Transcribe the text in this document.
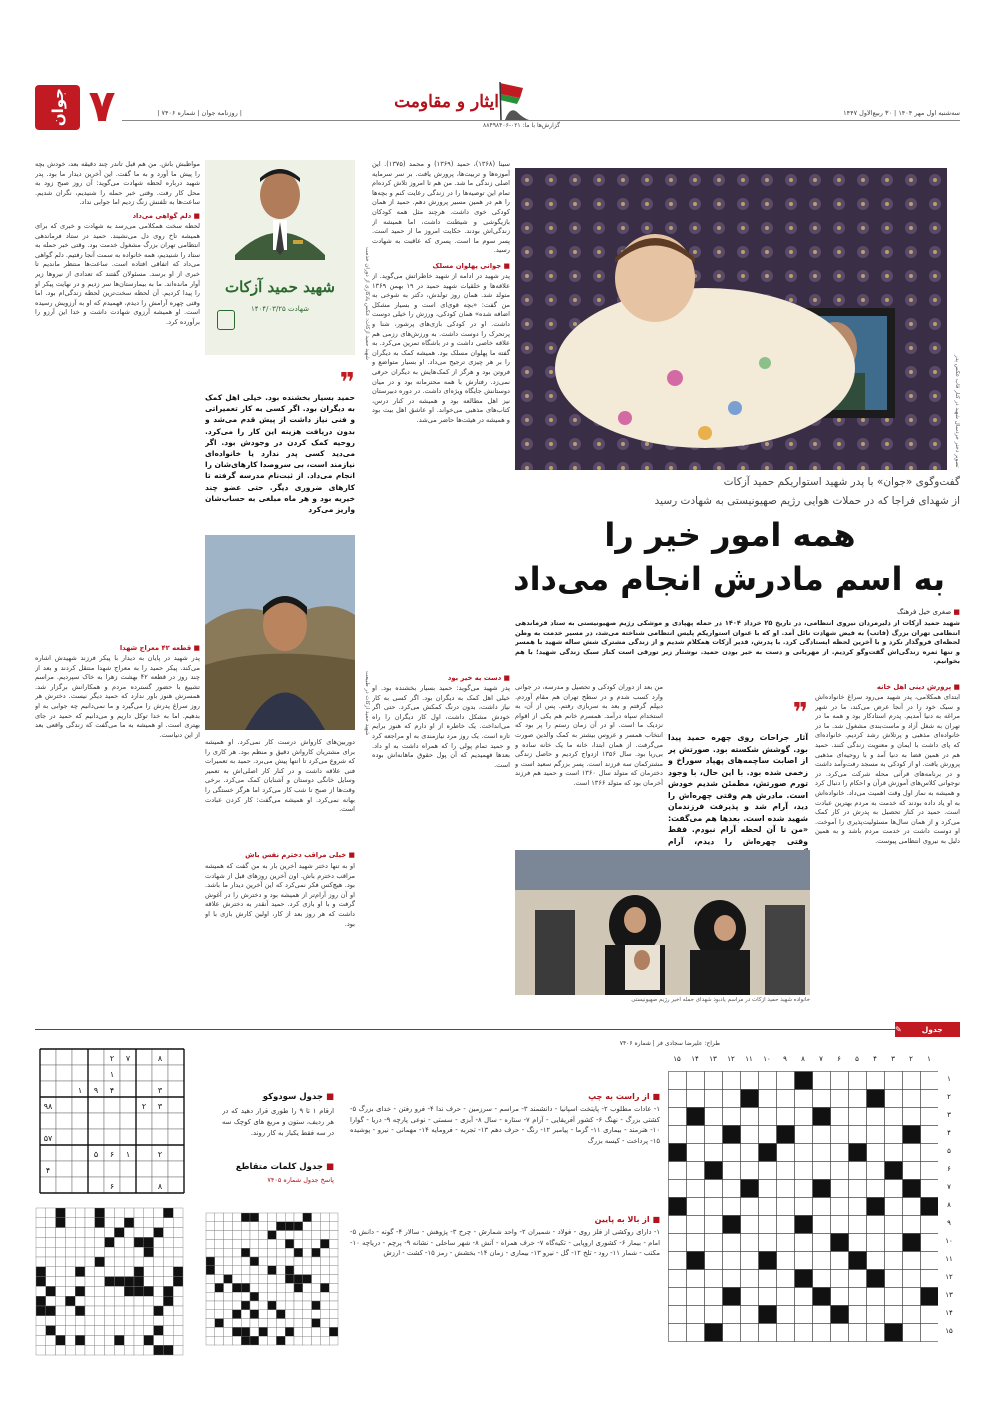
جوان ۷	| روزنامه جوان | شماره ۷۴۰۶ |
ایثار و مقاومت
گزارش‌ها با ما: ۰۲۱-۸۸۴۹۸۴۰۶
سه‌شنبه اول مهر ۱۴۰۴ | ۳۰ ربیع‌الاول ۱۴۴۷
تصویر دختر خردسال شهید در کنار قاب عکس پدر
گفت‌وگوی «جوان» با پدر شهید استواریکم حمید آزکات
از شهدای فراجا که در حملات هوایی رژیم صهیونیستی به شهادت رسید
همه امور خیر را
به اسم مادرش انجام می‌داد
■ صغری خیل فرهنگ
شهید حمید آزکات از دلیرمردان نیروی انتظامی، در تاریخ ۲۵ خرداد ۱۴۰۴ در حمله پهپادی و موشکی رژیم صهیونیستی به ستاد فرماندهی انتظامی تهران بزرگ (فاتب) به فیض شهادت نائل آمد. او که با عنوان استواریکم پلیس انتظامی شناخته می‌شد، در مسیر خدمت به وطن لحظه‌ای فروگذار نکرد و با آخرین لحظه ایستادگی کرد. با پدرش، قدیر آزکات همکلام شدیم و از زندگی مشترک شش ساله شهید با همسر و تنها ثمره زندگی‌اش گفت‌وگو کردیم. از مهربانی و دست به خیر بودن حمید. نوشتار زیر تورقی است کنار سبک زندگی شهید؛ با هم بخوانیم.
■ پرورش دینی اهل خانه
ابتدای همکلامی، پدر شهید می‌رود سراغ خانواده‌اش و سبک خود را در آنجا عرض می‌کند، ما در شهر مراغه به دنیا آمدیم. پدرم استادکار بود و همه ما در تهران به شغل آزاد و ماست‌بندی مشغول شد. ما در خانواده‌ای مذهبی و پرتلاش رشد کردیم. خانواده‌ای که پای داشت با ایمان و معنویت زندگی کنند. حمید هم در همین فضا به دنیا آمد و با روحیه‌ای مذهبی پرورش یافت. او از کودکی به مسجد رفت‌وآمد داشت و در برنامه‌های قرآنی محله شرکت می‌کرد. در نوجوانی کلاس‌های آموزش قرآن و احکام را دنبال کرد و همیشه به نماز اول وقت اهمیت می‌داد. خانواده‌اش به او یاد داده بودند که خدمت به مردم بهترین عبادت است. حمید در کنار تحصیل به پدرش در کار کمک می‌کرد و از همان سال‌ها مسئولیت‌پذیری را آموخت. او دوست داشت در خدمت مردم باشد و به همین دلیل به نیروی انتظامی پیوست.
❞
آثار جراحات روی چهره حمید پیدا بود. گوشش شکسته بود. صورتش پر از اصابت ساچمه‌های پهپاد سوراخ و زخمی شده بود. با این حال، با وجود تورم صورتش، مطمئن شدیم خودش است. مادرش هم وقتی چهره‌اش را دید، آرام شد و پذیرفت فرزندمان شهید شده است. بعدها هم می‌گفت: «من تا آن لحظه آرام نبودم. فقط وقتی چهره‌اش را دیدم، آرام
من بعد از دوران کودکی و تحصیل و مدرسه، در جوانی وارد کسب شدم و در سطح تهران هم مقام آوردم. دیپلم گرفتم و بعد به سربازی رفتم. پس از آن، به استخدام سپاه درآمد. همسرم خانم هم یکی از اقوام نزدیک ما است. او در آن زمان رستم را پر بود که انتخاب همسر و عروس بیشتر به کمک والدین صورت می‌گرفت. از همان ابتدا، خانه ما یک خانه ساده و بی‌ریا بود. سال ۱۳۵۶ ازدواج کردیم و حاصل زندگی مشترکمان سه فرزند است. پسر بزرگم سعید است و دخترمان که متولد سال ۱۳۶۰ است و حمید هم فرزند آخرمان بود که متولد ۱۳۶۶ است.
خانواده شهید حمید آزکات در مراسم یادبود شهدای حمله اخیر رژیم صهیونیستی
سینا (۱۳۶۸)، حمید (۱۳۶۹) و محمد (۱۳۷۵). این آموزه‌ها و تربیت‌ها، پرورش یافت. بر سر سرمایه اصلی زندگی ما شد. من هم تا امروز تلاش کرده‌ام تمام این توصیه‌ها را در زندگی رعایت کنم و بچه‌ها را هم در همین مسیر پرورش دهم. حمید از همان کودکی خوی داشت. هرچند مثل همه کودکان بازیگوشی و شیطنت داشت، اما همیشه از زندگی‌اش بودند. حکایت امروز ما از حمید است. پسر سوم ما است. پسری که عاقبت به شهادت رسید.
■ جوانی پهلوان مسلک
پدر شهید در ادامه از شهید خاطراتش می‌گوید. از علاقه‌ها و خلقیات شهید حمید در ۱۹ بهمن ۱۳۶۹ متولد شد. همان روز تولدش، دکتر به شوخی به من گفت: «بچه قوی‌ای است و بسیار مشکل اضافه شده» همان کودکی، ورزش را خیلی دوست داشت. او در کودکی بازی‌های پرشور، شنا و پرتحرک را دوست داشت. به ورزش‌های رزمی هم علاقه خاصی داشت و در باشگاه تمرین می‌کرد. به گفته ما پهلوان مسلک بود. همیشه کمک به دیگران را بر هر چیزی ترجیح می‌داد. او بسیار متواضع و فروتن بود و هرگز از کمک‌هایش به دیگران حرفی نمی‌زد. رفتارش با همه محترمانه بود و در میان دوستانش جایگاه ویژه‌ای داشت. در دوره دبیرستان نیز اهل مطالعه بود و همیشه در کنار درس، کتاب‌های مذهبی می‌خواند. او عاشق اهل بیت بود و همیشه در هیئت‌ها حاضر می‌شد.
■ دست به خیر بود
پدر شهید می‌گوید: حمید بسیار بخشنده بود. او خیلی اهل کمک به دیگران بود. اگر کسی به کار نیاز داشت، بدون درنگ کمکش می‌کرد. حتی اگر خودش مشکل داشت، اول کار دیگران را راه می‌انداخت. یک خاطره از او دارم که هنوز برایم تازه است. یک روز مرد نیازمندی به او مراجعه کرد و حمید تمام پولی را که همراه داشت به او داد. بعدها فهمیدیم که آن پول حقوق ماهانه‌اش بوده است.
شهید حمید آزکات: عکس یادگاری از دوران خدمت
شهید حمید آزکات در طبیعت
شهید حمید آزکات
شهادت ۱۴۰۴/۰۳/۲۵
❞
حمید بسیار بخشنده بود. خیلی اهل کمک به دیگران بود. اگر کسی به کار تعمیراتی و فنی نیاز داشت از پیش قدم می‌شد و بدون دریافت هزینه این کار را می‌کرد. روحیه کمک کردن در وجودش بود. اگر می‌دید کسی پدر ندارد یا خانواده‌ای نیازمند است، بی سروصدا کارهای‌شان را انجام می‌داد. از ثبت‌نام مدرسه گرفته تا کارهای ضروری دیگر. حتی عضو چند خیریه بود و هر ماه مبلغی به حساب‌شان واریز می‌کرد
دوربین‌های کارواش درست کار نمی‌کرد. او همیشه برای مشتریان کارواش دقیق و منظم بود. هر کاری را که شروع می‌کرد تا انتها پیش می‌برد. حمید به تعمیرات فنی علاقه داشت و در کنار کار اصلی‌اش به تعمیر وسایل خانگی دوستان و آشنایان کمک می‌کرد. برخی وقت‌ها از صبح تا شب کار می‌کرد اما هرگز خستگی را بهانه نمی‌کرد. او همیشه می‌گفت: کار کردن عبادت است.
■ خیلی مراقب دخترم نفس باش
او به تنها دختر شهید آخرین بار به من گفت که همیشه مراقب دخترم باش. اون آخرین روزهای قبل از شهادت بود. هیچ‌کس فکر نمی‌کرد که این آخرین دیدار ما باشد. او آن روز آرام‌تر از همیشه بود و دخترش را در آغوش گرفت و با او بازی کرد. حمید آنقدر به دخترش علاقه داشت که هر روز بعد از کار، اولین کارش بازی با او بود.
مواظبش باش. من هم قبل تاندر چند دقیقه بعد، خودش بچه را پیش ما آورد و به ما گفت. این آخرین دیدار ما بود. پدر شهید درباره لحظه شهادت می‌گوید: آن روز صبح زود به محل کار رفت. وقتی خبر حمله را شنیدیم، نگران شدیم. ساعت‌ها به تلفنش زنگ زدیم اما جوابی نداد.
■ دلم گواهی می‌داد
لحظه سخت همکلامی می‌رسد به شهادت و خبری که برای همیشه تاخ روی دل می‌نشیند. حمید در ستاد فرماندهی انتظامی تهران بزرگ مشغول خدمت بود. وقتی خبر حمله به ستاد را شنیدیم، همه خانواده به سمت آنجا رفتیم. دلم گواهی می‌داد که اتفاقی افتاده است. ساعت‌ها منتظر ماندیم تا خبری از او برسد. مسئولان گفتند که تعدادی از نیروها زیر آوار مانده‌اند. ما به بیمارستان‌ها سر زدیم و در نهایت پیکر او را پیدا کردیم. آن لحظه سخت‌ترین لحظه زندگی‌ام بود. اما وقتی چهره آرامش را دیدم، فهمیدم که او به آرزویش رسیده است. او همیشه آرزوی شهادت داشت و خدا این آرزو را برآورده کرد.
■ قطعه ۴۲ معراج شهدا
پدر شهید در پایان به دیدار با پیکر فرزند شهیدش اشاره می‌کند. پیکر حمید را به معراج شهدا منتقل کردند و بعد از چند روز در قطعه ۴۲ بهشت زهرا به خاک سپردیم. مراسم تشییع با حضور گسترده مردم و همکارانش برگزار شد. همسرش هنوز باور ندارد که حمید دیگر نیست. دخترش هر روز سراغ پدرش را می‌گیرد و ما نمی‌دانیم چه جوابی به او بدهیم. اما به خدا توکل داریم و می‌دانیم که حمید در جای بهتری است. او همیشه به ما می‌گفت که زندگی واقعی بعد از این دنیاست.
جدول
✎
طراح: علیرضا سجادی فر | شماره ۷۴۰۶
۱
۲
۳
۴
۵
۶
۷
۸
۹
۱۰
۱۱
۱۲
۱۳
۱۴
۱۵
۱
۲
۳
۴
۵
۶
۷
۸
۹
۱۰
۱۱
۱۲
۱۳
۱۴
۱۵
■ از راست به چپ
۱- عادات مطلوب ۲- پایتخت اسپانیا - دانشمند ۳- مراسم - سرزمین - حرف ندا ۴- فرو رفتن - خدای بزرگ ۵- کشتی بزرگ - نهنگ ۶- کشور آفریقایی - آرام ۷- ستاره - سال ۸- آبزی - سستی - نوعی پارچه ۹- دریا - گوارا ۱۰- هنرمند - بیماری ۱۱- گرما - پیامبر ۱۲- رنگ - حرف دهم ۱۳- تجربه - فرومایه ۱۴- مهمانی - نیرو - پوشیده ۱۵- پرداخت - کیسه بزرگ
■ از بالا به پایین
۱- دارای روکشی از فلز روی - فولاد - شمیران ۲- واحد شمارش - چرخ ۳- پژوهش - سالار ۴- گونه - دانش ۵- امام - بیمار ۶- کشوری اروپایی - تکیه‌گاه ۷- حرف همراه - آتش ۸- شهر ساحلی - نشانه ۹- پرچم - دریاچه ۱۰- مکتب - شمار ۱۱- رود - تلخ ۱۲- گل - نیرو ۱۳- بیماری - زمان ۱۴- بخشش - رمز ۱۵- کشت - ارزش
■ جدول سودوکو
ارقام ۱ تا ۹ را طوری قرار دهید که در هر ردیف، ستون و مربع های کوچک سه در سه فقط یکبار به کار روند.
■ جدول کلمات متقاطع
پاسخ جدول شماره ۷۴۰۵
۲ ۷	۸
۱
۱ ۹ ۴	۳
۹۸	۲ ۳
۵۷
۵ ۶ ۱	۲
۴
۶	۸
